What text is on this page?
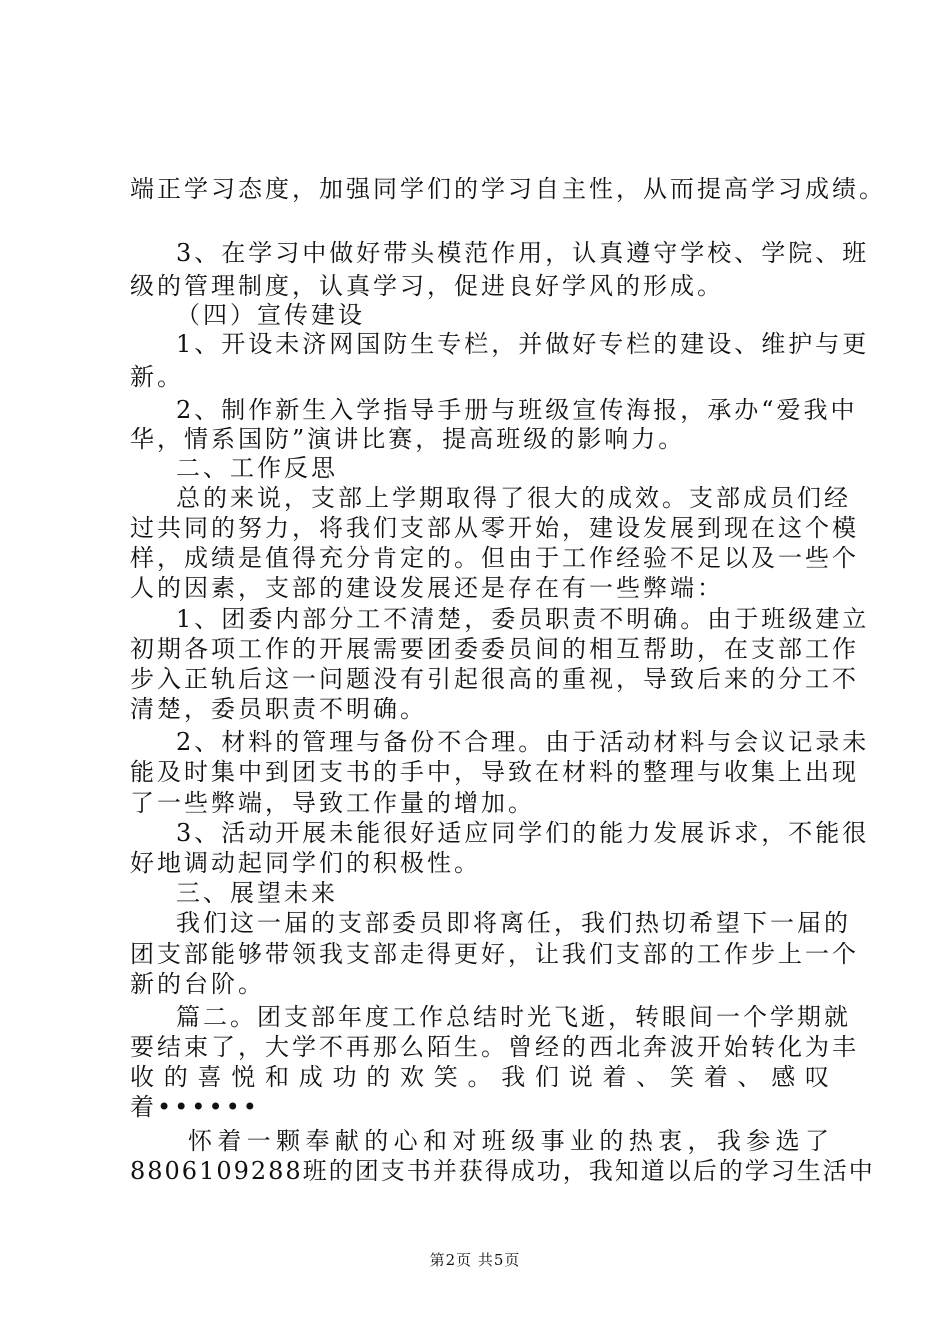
端正学习态度，加强同学们的学习自主性，从而提高学习成绩。
3、在学习中做好带头模范作用，认真遵守学校、学院、班
级的管理制度，认真学习，促进良好学风的形成。
（四）宣传建设
1、开设未济网国防生专栏，并做好专栏的建设、维护与更
新。
2、制作新生入学指导手册与班级宣传海报，承办“爱我中
华，情系国防”演讲比赛，提高班级的影响力。
二、工作反思
总的来说，支部上学期取得了很大的成效。支部成员们经
过共同的努力，将我们支部从零开始，建设发展到现在这个模
样，成绩是值得充分肯定的。但由于工作经验不足以及一些个
人的因素，支部的建设发展还是存在有一些弊端：
1、团委内部分工不清楚，委员职责不明确。由于班级建立
初期各项工作的开展需要团委委员间的相互帮助，在支部工作
步入正轨后这一问题没有引起很高的重视，导致后来的分工不
清楚，委员职责不明确。
2、材料的管理与备份不合理。由于活动材料与会议记录未
能及时集中到团支书的手中，导致在材料的整理与收集上出现
了一些弊端，导致工作量的增加。
3、活动开展未能很好适应同学们的能力发展诉求，不能很
好地调动起同学们的积极性。
三、展望未来
我们这一届的支部委员即将离任，我们热切希望下一届的
团支部能够带领我支部走得更好，让我们支部的工作步上一个
新的台阶。
篇二。团支部年度工作总结时光飞逝，转眼间一个学期就
要结束了，大学不再那么陌生。曾经的西北奔波开始转化为丰
收的喜悦和成功的欢笑。我们说着、笑着、感叹
着••••••
怀着一颗奉献的心和对班级事业的热衷，我参选了
8806109288班的团支书并获得成功，我知道以后的学习生活中
第2页 共5页
